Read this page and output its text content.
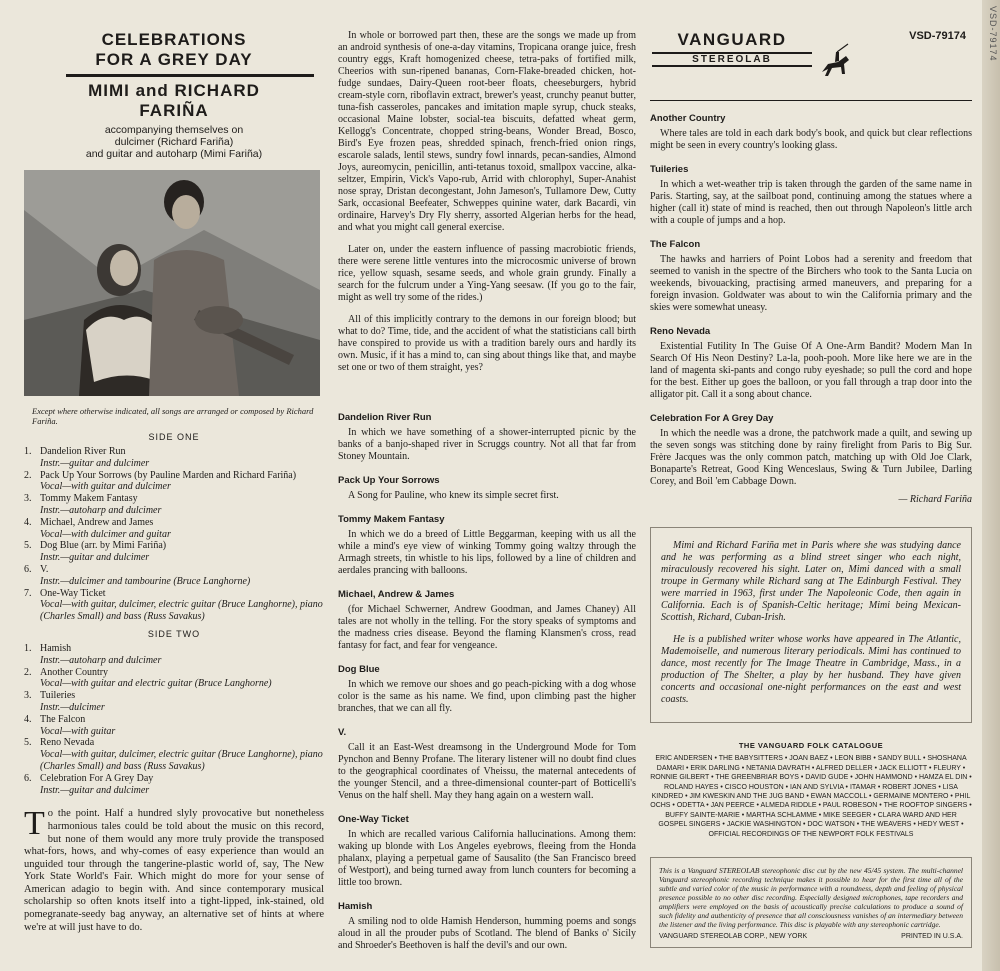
VSD-79174
CELEBRATIONS
FOR A GREY DAY
MIMI and RICHARD
FARIÑA
accompanying themselves on
dulcimer (Richard Fariña)
and guitar and autoharp (Mimi Fariña)
Except where otherwise indicated, all songs are arranged or composed by Richard Fariña.
SIDE ONE
1. Dandelion River Run
Instr.—guitar and dulcimer
2. Pack Up Your Sorrows (by Pauline Marden and Richard Fariña)
Vocal—with guitar and dulcimer
3. Tommy Makem Fantasy
Instr.—autoharp and dulcimer
4. Michael, Andrew and James
Vocal—with dulcimer and guitar
5. Dog Blue (arr. by Mimi Fariña)
Instr.—guitar and dulcimer
6. V.
Instr.—dulcimer and tambourine (Bruce Langhorne)
7. One-Way Ticket
Vocal—with guitar, dulcimer, electric guitar (Bruce Langhorne), piano (Charles Small) and bass (Russ Savakus)
SIDE TWO
1. Hamish
Instr.—autoharp and dulcimer
2. Another Country
Vocal—with guitar and electric guitar (Bruce Langhorne)
3. Tuileries
Instr.—dulcimer
4. The Falcon
Vocal—with guitar
5. Reno Nevada
Vocal—with guitar, dulcimer, electric guitar (Bruce Langhorne), piano (Charles Small) and bass (Russ Savakus)
6. Celebration For A Grey Day
Instr.—guitar and dulcimer
To the point. Half a hundred slyly provocative but nonetheless harmonious tales could be told about the music on this record, but none of them would any more truly provide the transposed what-fors, hows, and why-comes of easy experience than would an unguided tour through the tangerine-plastic world of, say, The New York State World's Fair. Which might do more for your sense of American adagio to begin with. And since contemporary musical scholarship so often knots itself into a tight-lipped, ink-stained, old pomegranate-seedy bag anyway, an alternative set of hints at where we're at will just have to do.

In whole or borrowed part then, these are the songs we made up from an android synthesis of one-a-day vitamins, Tropicana orange juice, fresh country eggs, Kraft homogenized cheese, tetra-paks of fortified milk, Cheerios with sun-ripened bananas, Corn-Flake-breaded chicken, hot-fudge sundaes, Dairy-Queen root-beer floats, cheeseburgers, hybrid cream-style corn, riboflavin extract, brewer's yeast, crunchy peanut butter, tuna-fish casseroles, pancakes and imitation maple syrup, chuck steaks, occasional Maine lobster, social-tea biscuits, defatted wheat germ, Kellogg's Concentrate, chopped string-beans, Wonder Bread, Bosco, Bird's Eye frozen peas, shredded spinach, french-fried onion rings, escarole salads, lentil stews, sundry fowl innards, pecan-sandies, Almond Joys, aureomycin, penicillin, anti-tetanus toxoid, smallpox vaccine, alka-seltzer, Empirin, Vick's Vapo-rub, Arrid with chlorophyl, Super-Anahist nose spray, Dristan decongestant, John Jameson's, Tullamore Dew, Cutty Sark, occasional Beefeater, Schweppes quinine water, dark Bacardi, vin ordinaire, Harvey's Dry Fly sherry, assorted Algerian herbs for the head, and what you might call general exercise.

Later on, under the eastern influence of passing macrobiotic friends, there were serene little ventures into the microcosmic universe of brown rice, yellow squash, sesame seeds, and whole grain grundy. Finally a search for the fulcrum under a Ying-Yang seesaw. (If you go to the fair, might as well try some of the rides.)

All of this implicitly contrary to the demons in our foreign blood; but what to do? Time, tide, and the accident of what the statisticians call birth have conspired to provide us with a tradition barely ours and hardly its own. Music, if it has a mind to, can sing about things like that, and maybe set one or two of them straight, yes?

Dandelion River Run

In which we have something of a shower-interrupted picnic by the banks of a banjo-shaped river in Scruggs country. Not all that far from Stoney Mountain.

Pack Up Your Sorrows

A Song for Pauline, who knew its simple secret first.

Tommy Makem Fantasy

In which we do a breed of Little Beggarman, keeping with us all the while a mind's eye view of winking Tommy going waltzy through the Armagh streets, tin whistle to his lips, followed by a line of children and aerdales prancing with balloons.

Michael, Andrew & James

(for Michael Schwerner, Andrew Goodman, and James Chaney) All tales are not wholly in the telling. For the story speaks of symptoms and the madness cries disease. Beyond the flaming Klansmen's cross, read fantasy for fact, and fear for vengeance.

Dog Blue

In which we remove our shoes and go peach-picking with a dog whose color is the same as his name. We find, upon climbing past the higher branches, that we can all fly.

V.

Call it an East-West dreamsong in the Underground Mode for Tom Pynchon and Benny Profane. The literary listener will no doubt find clues to the geographical coordinates of Vheissu, the maternal antecedents of the younger Stencil, and a three-dimensional counter-part of Botticelli's Venus on the half shell. May they hang again on a western wall.

One-Way Ticket

In which are recalled various California hallucinations. Among them: waking up blonde with Los Angeles eyebrows, fleeing from the Honda phalanx, playing a perpetual game of Sausalito (the San Francisco breed of Westport), and being turned away from lunch counters for becoming a little too brown.

Hamish

A smiling nod to olde Hamish Henderson, humming poems and songs aloud in all the prouder pubs of Scotland. The blend of Banks o' Sicily and Shroeder's Beethoven is half the devil's and our own.

VANGUARD
STEREOLAB
VSD-79174
Another Country

Where tales are told in each dark body's book, and quick but clear reflections might be seen in every country's looking glass.

Tuileries

In which a wet-weather trip is taken through the garden of the same name in Paris. Starting, say, at the sailboat pond, continuing among the statues where a higher (call it) state of mind is reached, then out through Napoleon's little arch with a couple of jumps and a hop.

The Falcon

The hawks and harriers of Point Lobos had a serenity and freedom that seemed to vanish in the spectre of the Birchers who took to the Santa Lucia on weekends, bivouacking, practising armed maneuvers, and preparing for a foreign invasion. Goldwater was about to win the California primary and the skies were somewhat uneasy.

Reno Nevada

Existential Futility In The Guise Of A One-Arm Bandit? Modern Man In Search Of His Neon Destiny? La-la, pooh-pooh. More like here we are in the land of magenta ski-pants and congo ruby eyeshade; so pull the cord and hope for the best. Either up goes the balloon, or you fall through a trap door into the alligator pit. Call it a song about chance.

Celebration For A Grey Day

In which the needle was a drone, the patchwork made a quilt, and sewing up the seven songs was stitching done by rainy firelight from Paris to Big Sur. Frère Jacques was the only common patch, matching up with Old Joe Clark, Bonaparte's Retreat, Good King Wenceslaus, Swing & Turn Jubilee, Darling Corey, and Boil 'em Cabbage Down.

— Richard Fariña

Mimi and Richard Fariña met in Paris where she was studying dance and he was performing as a blind street singer who each night, miraculously recovered his sight. Later on, Mimi danced with a small troupe in Germany while Richard sang at The Edinburgh Festival. They were married in 1963, first under The Napoleonic Code, then again in California. Each is of Spanish-Celtic heritage; Mimi being Mexican-Scottish, Richard, Cuban-Irish.

He is a published writer whose works have appeared in The Atlantic, Mademoiselle, and numerous literary periodicals. Mimi has continued to dance, most recently for The Image Theatre in Cambridge, Mass., in a production of The Shelter, a play by her husband. They have given concerts and occasional one-night performances on the east and west coasts.

THE VANGUARD FOLK CATALOGUE
ERIC ANDERSEN • THE BABYSITTERS • JOAN BAEZ • LEON BIBB • SANDY BULL • SHOSHANA DAMARI • ERIK DARLING • NETANIA DAVRATH • ALFRED DELLER • JACK ELLIOTT • FLEURY • RONNIE GILBERT • THE GREENBRIAR BOYS • DAVID GUDE • JOHN HAMMOND • HAMZA EL DIN • ROLAND HAYES • CISCO HOUSTON • IAN AND SYLVIA • ITAMAR • ROBERT JONES • LISA KINDRED • JIM KWESKIN AND THE JUG BAND • EWAN MACCOLL • GERMAINE MONTERO • PHIL OCHS • ODETTA • JAN PEERCE • ALMEDA RIDDLE • PAUL ROBESON • THE ROOFTOP SINGERS • BUFFY SAINTE-MARIE • MARTHA SCHLAMME • MIKE SEEGER • CLARA WARD AND HER GOSPEL SINGERS • JACKIE WASHINGTON • DOC WATSON • THE WEAVERS • HEDY WEST • OFFICIAL RECORDINGS OF THE NEWPORT FOLK FESTIVALS
This is a Vanguard STEREOLAB stereophonic disc cut by the new 45/45 system. The multi-channel Vanguard stereophonic recording technique makes it possible to hear for the first time all of the subtle and varied color of the music in performance with a roundness, depth and feeling of physical presence possible to no other disc recording. Especially designed microphones, tape recorders and amplifiers were employed on the basis of acoustically precise calculations to produce a sound of such fidelity and authenticity of presence that all consciousness vanishes of an intermediary between the listener and the living performance. This disc is playable with any stereophonic cartridge.
VANGUARD STEREOLAB CORP., NEW YORK	PRINTED IN U.S.A.
